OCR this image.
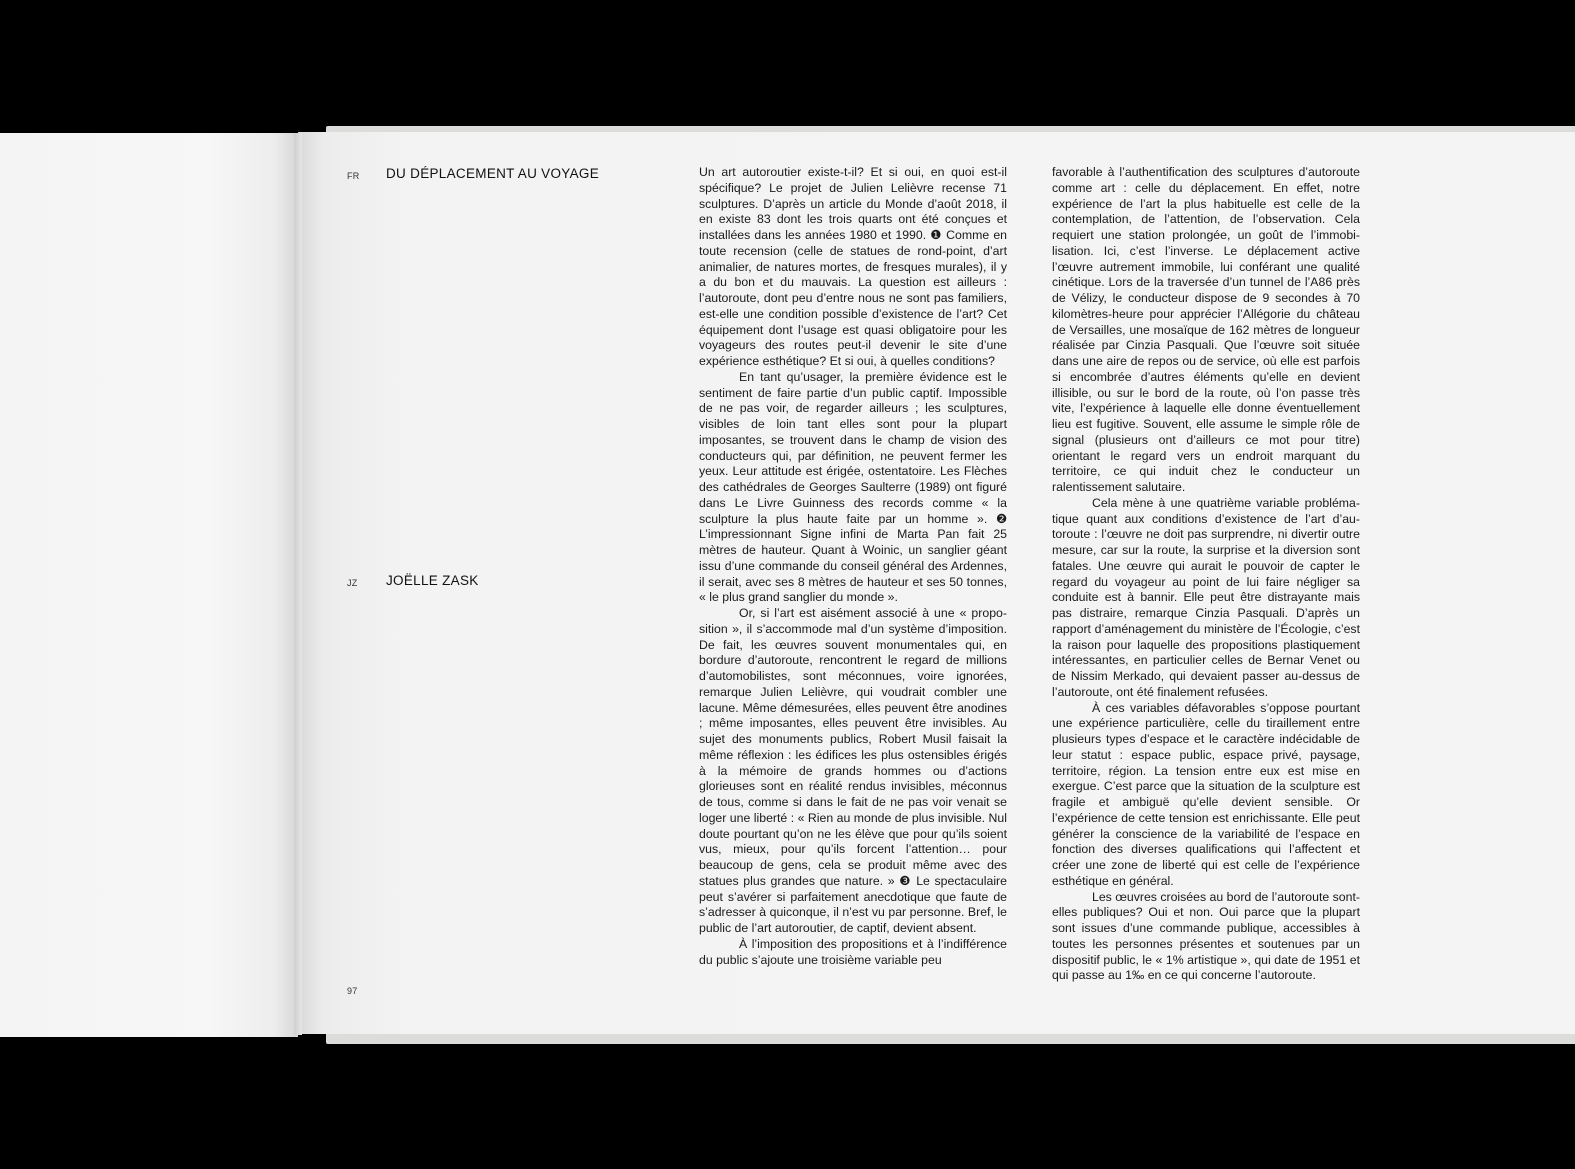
FR DU DÉPLACEMENT AU VOYAGE
JZ JOËLLE ZASK
97

Un art autoroutier existe-t-il? Et si oui, en quoi est-il spécifique? Le projet de Julien Lelièvre recense 71 sculptures. D’après un article du Monde d’août 2018, il en existe 83 dont les trois quarts ont été conçues et installées dans les années 1980 et 1990. ❶ Comme en toute recension (celle de statues de rond-point, d’art animalier, de natures mortes, de fresques murales), il y a du bon et du mauvais. La question est ailleurs : l’autoroute, dont peu d’entre nous ne sont pas familiers, est-elle une condition possible d’existence de l’art? Cet équipement dont l’usage est quasi obligatoire pour les voyageurs des routes peut-il devenir le site d’une expérience esthétique? Et si oui, à quelles conditions?

En tant qu’usager, la première évidence est le sentiment de faire partie d’un public captif. Impossible de ne pas voir, de regarder ailleurs ; les sculptures, visibles de loin tant elles sont pour la plupart imposantes, se trouvent dans le champ de vision des conducteurs qui, par définition, ne peuvent fermer les yeux. Leur attitude est érigée, ostentatoire. Les Flèches des cathédrales de Georges Saulterre (1989) ont figuré dans Le Livre Guinness des records comme « la sculpture la plus haute faite par un homme ». ❷ L’impressionnant Signe infini de Marta Pan fait 25 mètres de hauteur. Quant à Woinic, un sanglier géant issu d’une commande du conseil général des Ardennes, il serait, avec ses 8 mètres de hauteur et ses 50 tonnes, « le plus grand sanglier du monde ».

Or, si l’art est aisément associé à une « proposition », il s’accommode mal d’un système d’imposition. De fait, les œuvres souvent monumentales qui, en bordure d’autoroute, rencontrent le regard de millions d’automobilistes, sont méconnues, voire ignorées, remarque Julien Lelièvre, qui voudrait combler une lacune. Même démesurées, elles peuvent être anodines ; même imposantes, elles peuvent être invisibles. Au sujet des monuments publics, Robert Musil faisait la même réflexion : les édifices les plus ostensibles érigés à la mémoire de grands hommes ou d’actions glorieuses sont en réalité rendus invisibles, méconnus de tous, comme si dans le fait de ne pas voir venait se loger une liberté : « Rien au monde de plus invisible. Nul doute pourtant qu’on ne les élève que pour qu’ils soient vus, mieux, pour qu’ils forcent l’attention… pour beaucoup de gens, cela se produit même avec des statues plus grandes que nature. » ❸ Le spectaculaire peut s’avérer si parfaitement anecdotique que faute de s’adresser à quiconque, il n’est vu par personne. Bref, le public de l’art autoroutier, de captif, devient absent.

À l’imposition des propositions et à l’indifférence du public s’ajoute une troisième variable peu

favorable à l’authentification des sculptures d’autoroute comme art : celle du déplacement. En effet, notre expérience de l’art la plus habituelle est celle de la contemplation, de l’attention, de l’observation. Cela requiert une station prolongée, un goût de l’immobilisation. Ici, c’est l’inverse. Le déplacement active l’œuvre autrement immobile, lui conférant une qualité cinétique. Lors de la traversée d’un tunnel de l’A86 près de Vélizy, le conducteur dispose de 9 secondes à 70 kilomètres-heure pour apprécier l’Allégorie du château de Versailles, une mosaïque de 162 mètres de longueur réalisée par Cinzia Pasquali. Que l’œuvre soit située dans une aire de repos ou de service, où elle est parfois si encombrée d’autres éléments qu’elle en devient illisible, ou sur le bord de la route, où l’on passe très vite, l’expérience à laquelle elle donne éventuellement lieu est fugitive. Souvent, elle assume le simple rôle de signal (plusieurs ont d’ailleurs ce mot pour titre) orientant le regard vers un endroit marquant du territoire, ce qui induit chez le conducteur un ralentissement salutaire.

Cela mène à une quatrième variable problématique quant aux conditions d’existence de l’art d’autoroute : l’œuvre ne doit pas surprendre, ni divertir outre mesure, car sur la route, la surprise et la diversion sont fatales. Une œuvre qui aurait le pouvoir de capter le regard du voyageur au point de lui faire négliger sa conduite est à bannir. Elle peut être distrayante mais pas distraire, remarque Cinzia Pasquali. D’après un rapport d’aménagement du ministère de l’Écologie, c’est la raison pour laquelle des propositions plastiquement intéressantes, en particulier celles de Bernar Venet ou de Nissim Merkado, qui devaient passer au-dessus de l’autoroute, ont été finalement refusées.

À ces variables défavorables s’oppose pourtant une expérience particulière, celle du tiraillement entre plusieurs types d’espace et le caractère indécidable de leur statut : espace public, espace privé, paysage, territoire, région. La tension entre eux est mise en exergue. C’est parce que la situation de la sculpture est fragile et ambiguë qu’elle devient sensible. Or l’expérience de cette tension est enrichissante. Elle peut générer la conscience de la variabilité de l’espace en fonction des diverses qualifications qui l’affectent et créer une zone de liberté qui est celle de l’expérience esthétique en général.

Les œuvres croisées au bord de l’autoroute sont-elles publiques? Oui et non. Oui parce que la plupart sont issues d’une commande publique, accessibles à toutes les personnes présentes et soutenues par un dispositif public, le « 1% artistique », qui date de 1951 et qui passe au 1‰ en ce qui concerne l’autoroute.
